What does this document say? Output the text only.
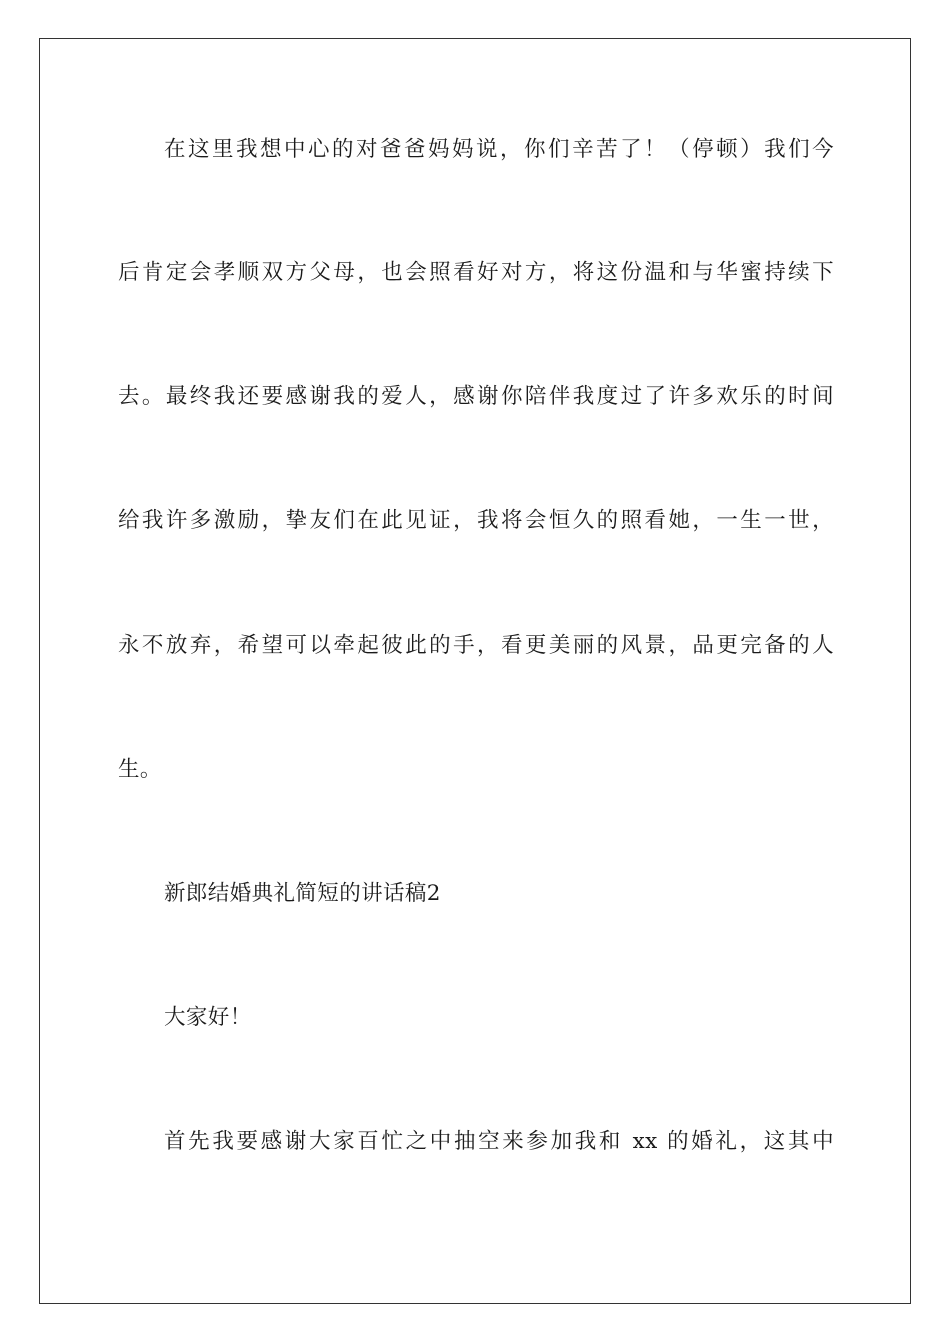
在这里我想中心的对爸爸妈妈说，你们辛苦了！（停顿）我们今
后肯定会孝顺双方父母，也会照看好对方，将这份温和与华蜜持续下
去。最终我还要感谢我的爱人，感谢你陪伴我度过了许多欢乐的时间
给我许多激励，挚友们在此见证，我将会恒久的照看她，一生一世，
永不放弃，希望可以牵起彼此的手，看更美丽的风景，品更完备的人
生。
新郎结婚典礼简短的讲话稿2
大家好！
首先我要感谢大家百忙之中抽空来参加我和 xx 的婚礼，这其中
